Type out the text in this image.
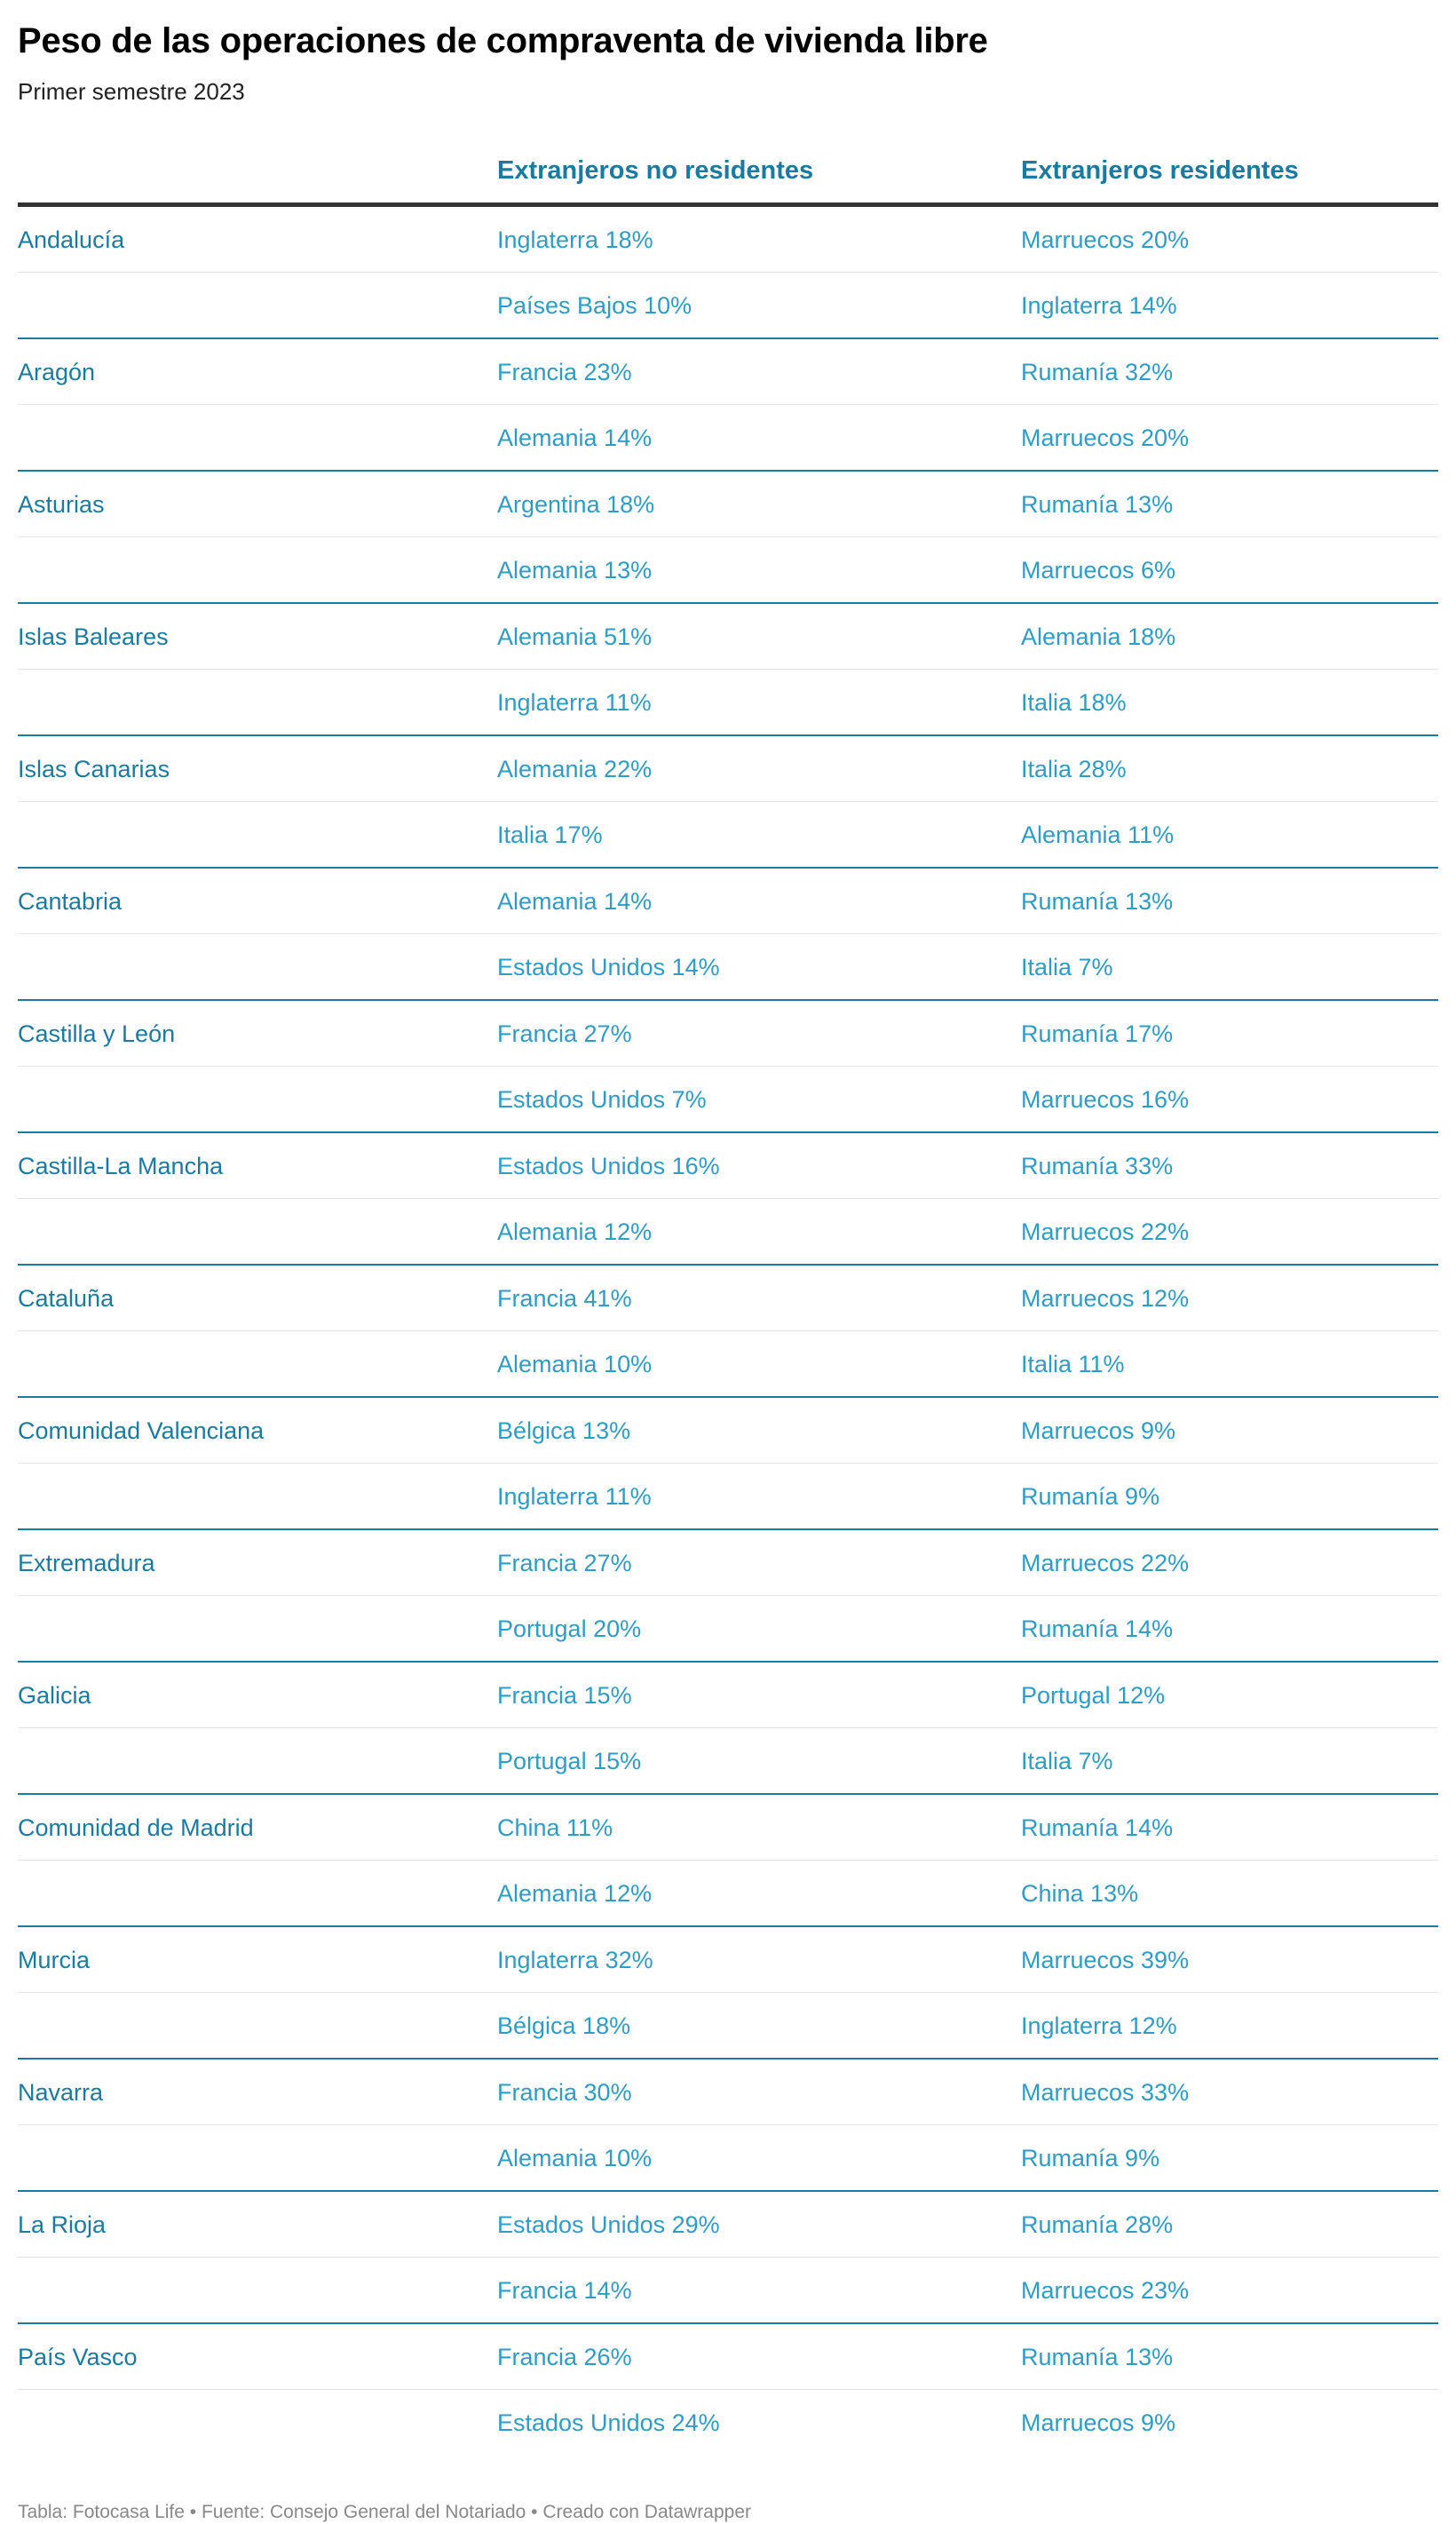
Peso de las operaciones de compraventa de vivienda libre

Primer semestre 2023

	Extranjeros no residentes	Extranjeros residentes
Andalucía	Inglaterra 18%	Marruecos 20%
	Países Bajos 10%	Inglaterra 14%
Aragón	Francia 23%	Rumanía 32%
	Alemania 14%	Marruecos 20%
Asturias	Argentina 18%	Rumanía 13%
	Alemania 13%	Marruecos 6%
Islas Baleares	Alemania 51%	Alemania 18%
	Inglaterra 11%	Italia 18%
Islas Canarias	Alemania 22%	Italia 28%
	Italia 17%	Alemania 11%
Cantabria	Alemania 14%	Rumanía 13%
	Estados Unidos 14%	Italia 7%
Castilla y León	Francia 27%	Rumanía 17%
	Estados Unidos 7%	Marruecos 16%
Castilla-La Mancha	Estados Unidos 16%	Rumanía 33%
	Alemania 12%	Marruecos 22%
Cataluña	Francia 41%	Marruecos 12%
	Alemania 10%	Italia 11%
Comunidad Valenciana	Bélgica 13%	Marruecos 9%
	Inglaterra 11%	Rumanía 9%
Extremadura	Francia 27%	Marruecos 22%
	Portugal 20%	Rumanía 14%
Galicia	Francia 15%	Portugal 12%
	Portugal 15%	Italia 7%
Comunidad de Madrid	China 11%	Rumanía 14%
	Alemania 12%	China 13%
Murcia	Inglaterra 32%	Marruecos 39%
	Bélgica 18%	Inglaterra 12%
Navarra	Francia 30%	Marruecos 33%
	Alemania 10%	Rumanía 9%
La Rioja	Estados Unidos 29%	Rumanía 28%
	Francia 14%	Marruecos 23%
País Vasco	Francia 26%	Rumanía 13%
	Estados Unidos 24%	Marruecos 9%
Tabla: Fotocasa Life • Fuente: Consejo General del Notariado • Creado con Datawrapper
